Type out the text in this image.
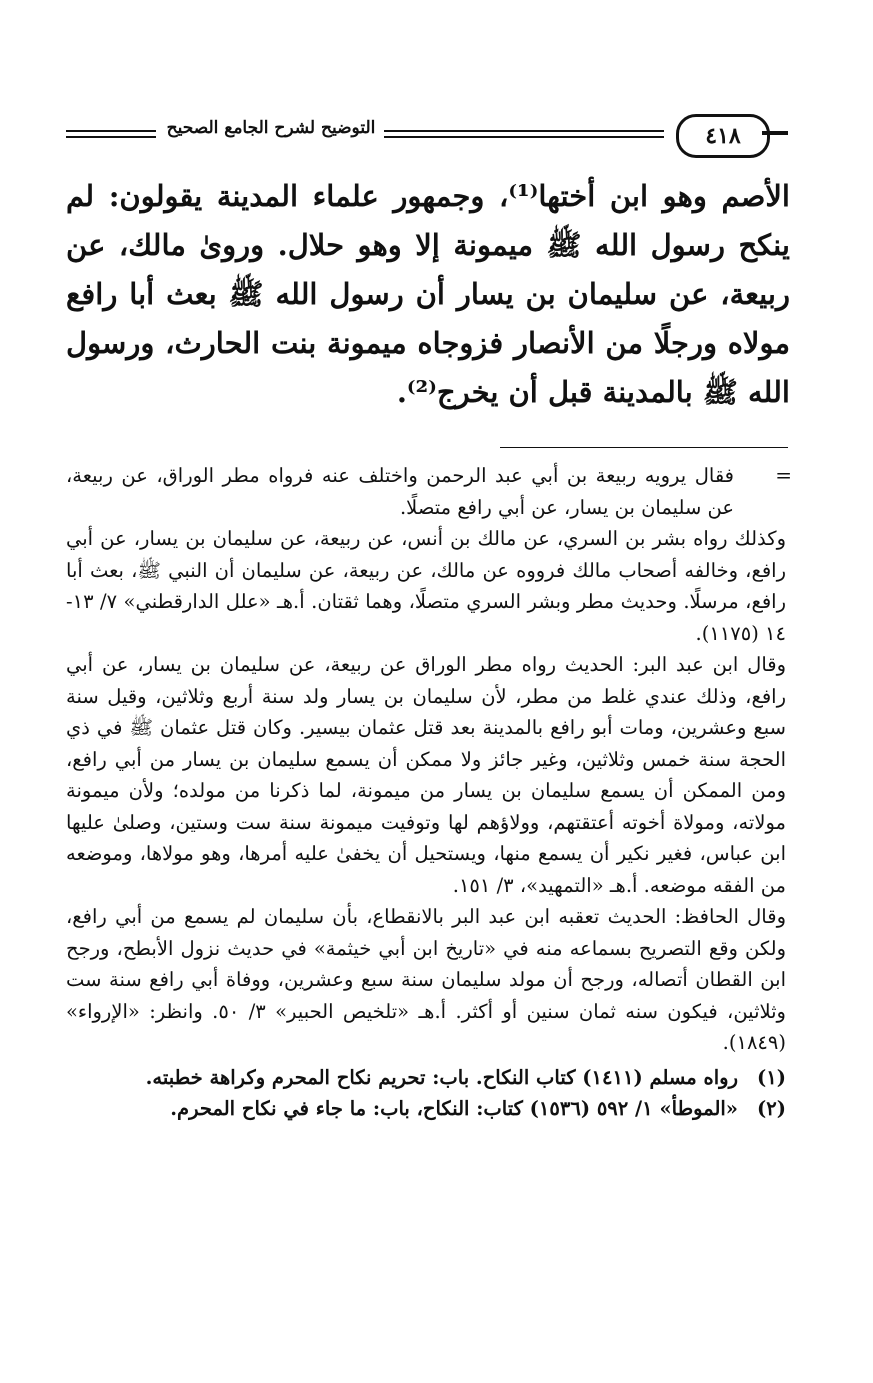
التوضيح لشرح الجامع الصحيح	٤١٨

الأصم وهو ابن أختها⁽¹⁾، وجمهور علماء المدينة يقولون: لم ينكح رسول الله ﷺ ميمونة إلا وهو حلال. وروىٰ مالك، عن ربيعة، عن سليمان بن يسار أن رسول الله ﷺ بعث أبا رافع مولاه ورجلًا من الأنصار فزوجاه ميمونة بنت الحارث، ورسول الله ﷺ بالمدينة قبل أن يخرج⁽²⁾.

=
فقال يرويه ربيعة بن أبي عبد الرحمن واختلف عنه فرواه مطر الوراق، عن ربيعة، عن سليمان بن يسار، عن أبي رافع متصلًا.

وكذلك رواه بشر بن السري، عن مالك بن أنس، عن ربيعة، عن سليمان بن يسار، عن أبي رافع، وخالفه أصحاب مالك فرووه عن مالك، عن ربيعة، عن سليمان أن النبي ﷺ، بعث أبا رافع، مرسلًا. وحديث مطر وبشر السري متصلًا، وهما ثقتان. أ.هـ «علل الدارقطني» ٧/ ١٣- ١٤ (١١٧٥).

وقال ابن عبد البر: الحديث رواه مطر الوراق عن ربيعة، عن سليمان بن يسار، عن أبي رافع، وذلك عندي غلط من مطر، لأن سليمان بن يسار ولد سنة أربع وثلاثين، وقيل سنة سبع وعشرين، ومات أبو رافع بالمدينة بعد قتل عثمان بيسير. وكان قتل عثمان ﷺ في ذي الحجة سنة خمس وثلاثين، وغير جائز ولا ممكن أن يسمع سليمان بن يسار من أبي رافع، ومن الممكن أن يسمع سليمان بن يسار من ميمونة، لما ذكرنا من مولده؛ ولأن ميمونة مولاته، ومولاة أخوته أعتقتهم، وولاؤهم لها وتوفيت ميمونة سنة ست وستين، وصلىٰ عليها ابن عباس، فغير نكير أن يسمع منها، ويستحيل أن يخفىٰ عليه أمرها، وهو مولاها، وموضعه من الفقه موضعه. أ.هـ «التمهيد»، ٣/ ١٥١.

وقال الحافظ: الحديث تعقبه ابن عبد البر بالانقطاع، بأن سليمان لم يسمع من أبي رافع، ولكن وقع التصريح بسماعه منه في «تاريخ ابن أبي خيثمة» في حديث نزول الأبطح، ورجح ابن القطان أتصاله، ورجح أن مولد سليمان سنة سبع وعشرين، ووفاة أبي رافع سنة ست وثلاثين، فيكون سنه ثمان سنين أو أكثر. أ.هـ «تلخيص الحبير» ٣/ ٥٠. وانظر: «الإرواء» (١٨٤٩).

(١)
رواه مسلم (١٤١١) كتاب النكاح. باب: تحريم نكاح المحرم وكراهة خطبته.
(٢)
«الموطأ» ١/ ٥٩٢ (١٥٣٦) كتاب: النكاح، باب: ما جاء في نكاح المحرم.
